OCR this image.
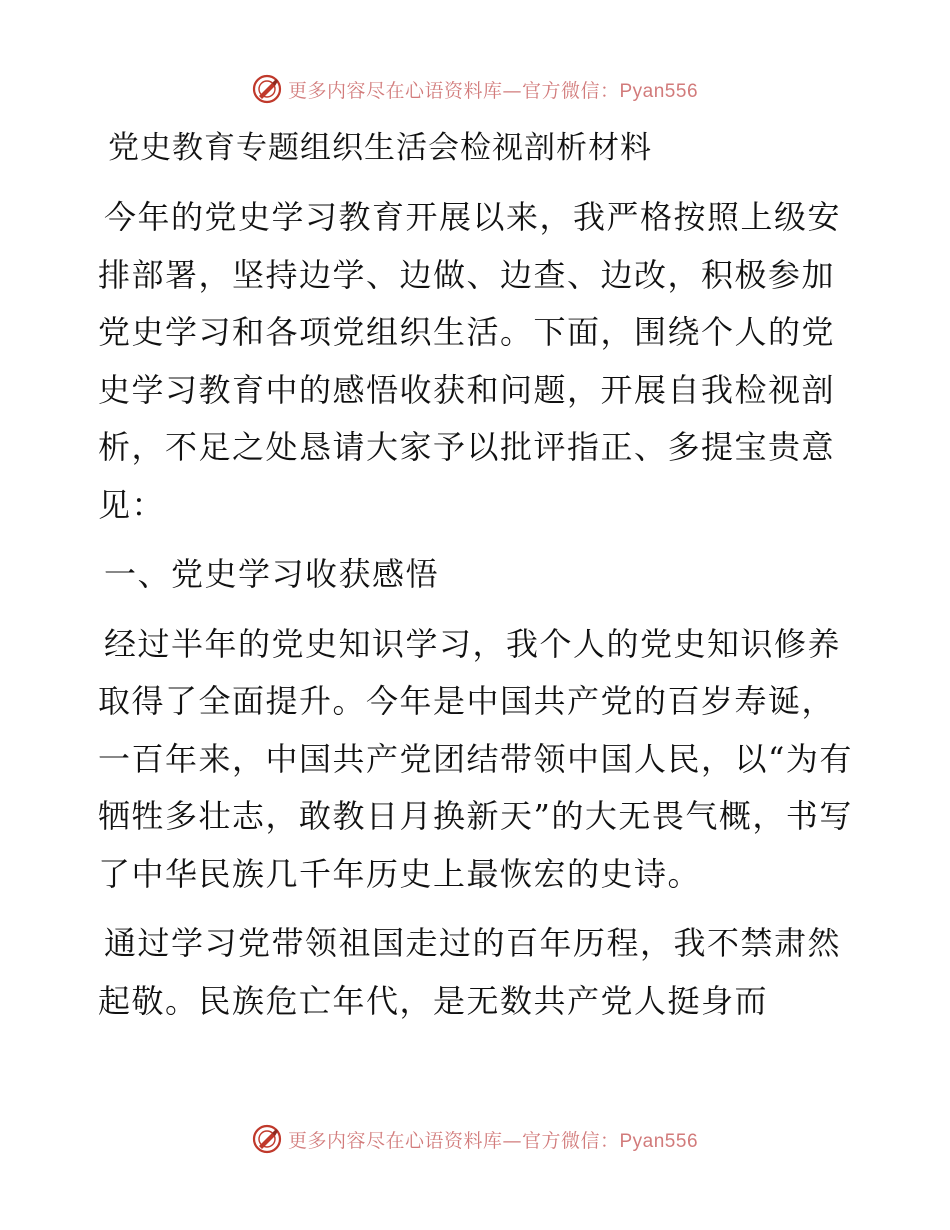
更多内容尽在心语资料库—官方微信：Pyan556
党史教育专题组织生活会检视剖析材料

今年的党史学习教育开展以来，我严格按照上级安排部署，坚持边学、边做、边查、边改，积极参加党史学习和各项党组织生活。下面，围绕个人的党史学习教育中的感悟收获和问题，开展自我检视剖析，不足之处恳请大家予以批评指正、多提宝贵意见：

一、党史学习收获感悟

经过半年的党史知识学习，我个人的党史知识修养取得了全面提升。今年是中国共产党的百岁寿诞，一百年来，中国共产党团结带领中国人民，以“为有牺牲多壮志，敢教日月换新天”的大无畏气概，书写了中华民族几千年历史上最恢宏的史诗。

通过学习党带领祖国走过的百年历程，我不禁肃然起敬。民族危亡年代，是无数共产党人挺身而

更多内容尽在心语资料库—官方微信：Pyan556
